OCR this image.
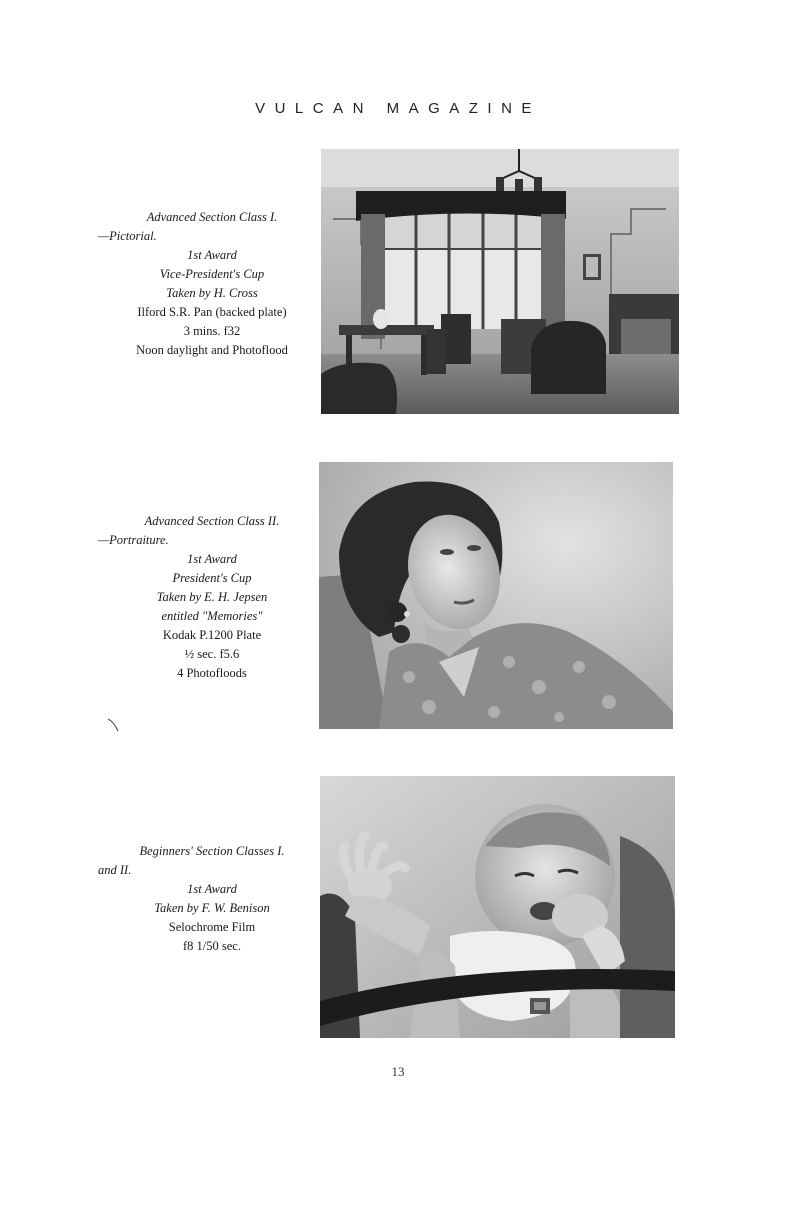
VULCAN MAGAZINE
Advanced Section Class I.
—Pictorial.
1st Award
Vice-President's Cup
Taken by H. Cross
Ilford S.R. Pan (backed plate)
3 mins. f32
Noon daylight and Photoflood
Advanced Section Class II.
—Portraiture.
1st Award
President's Cup
Taken by E. H. Jepsen
entitled "Memories"
Kodak P.1200 Plate
½ sec. f5.6
4 Photofloods
Beginners' Section Classes I.
and II.
1st Award
Taken by F. W. Benison
Selochrome Film
f8 1/50 sec.
13
